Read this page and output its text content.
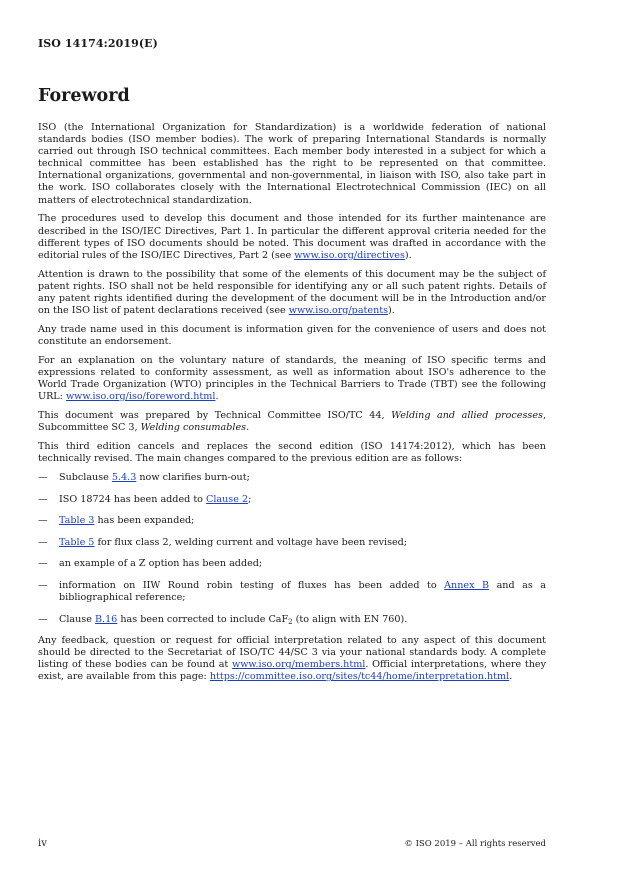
ISO 14174:2019(E)
Foreword

ISO (the International Organization for Standardization) is a worldwide federation of national standards bodies (ISO member bodies). The work of preparing International Standards is normally carried out through ISO technical committees. Each member body interested in a subject for which a technical committee has been established has the right to be represented on that committee. International organizations, governmental and non-governmental, in liaison with ISO, also take part in the work. ISO collaborates closely with the International Electrotechnical Commission (IEC) on all matters of electrotechnical standardization.

The procedures used to develop this document and those intended for its further maintenance are described in the ISO/IEC Directives, Part 1. In particular the different approval criteria needed for the different types of ISO documents should be noted. This document was drafted in accordance with the editorial rules of the ISO/IEC Directives, Part 2 (see www.iso.org/directives).

Attention is drawn to the possibility that some of the elements of this document may be the subject of patent rights. ISO shall not be held responsible for identifying any or all such patent rights. Details of any patent rights identified during the development of the document will be in the Introduction and/or on the ISO list of patent declarations received (see www.iso.org/patents).

Any trade name used in this document is information given for the convenience of users and does not constitute an endorsement.

For an explanation on the voluntary nature of standards, the meaning of ISO specific terms and expressions related to conformity assessment, as well as information about ISO's adherence to the World Trade Organization (WTO) principles in the Technical Barriers to Trade (TBT) see the following URL: www.iso.org/iso/foreword.html.

This document was prepared by Technical Committee ISO/TC 44, Welding and allied processes, Subcommittee SC 3, Welding consumables.

This third edition cancels and replaces the second edition (ISO 14174:2012), which has been technically revised. The main changes compared to the previous edition are as follows:

— Subclause 5.4.3 now clarifies burn-out;
— ISO 18724 has been added to Clause 2;
— Table 3 has been expanded;
— Table 5 for flux class 2, welding current and voltage have been revised;
— an example of a Z option has been added;
— information on IIW Round robin testing of fluxes has been added to Annex B and as a bibliographical reference;
— Clause B.16 has been corrected to include CaF$_2$ (to align with EN 760).

Any feedback, question or request for official interpretation related to any aspect of this document should be directed to the Secretariat of ISO/TC 44/SC 3 via your national standards body. A complete listing of these bodies can be found at www.iso.org/members.html. Official interpretations, where they exist, are available from this page: https://committee.iso.org/sites/tc44/home/interpretation.html.

iv	© ISO 2019 – All rights reserved
